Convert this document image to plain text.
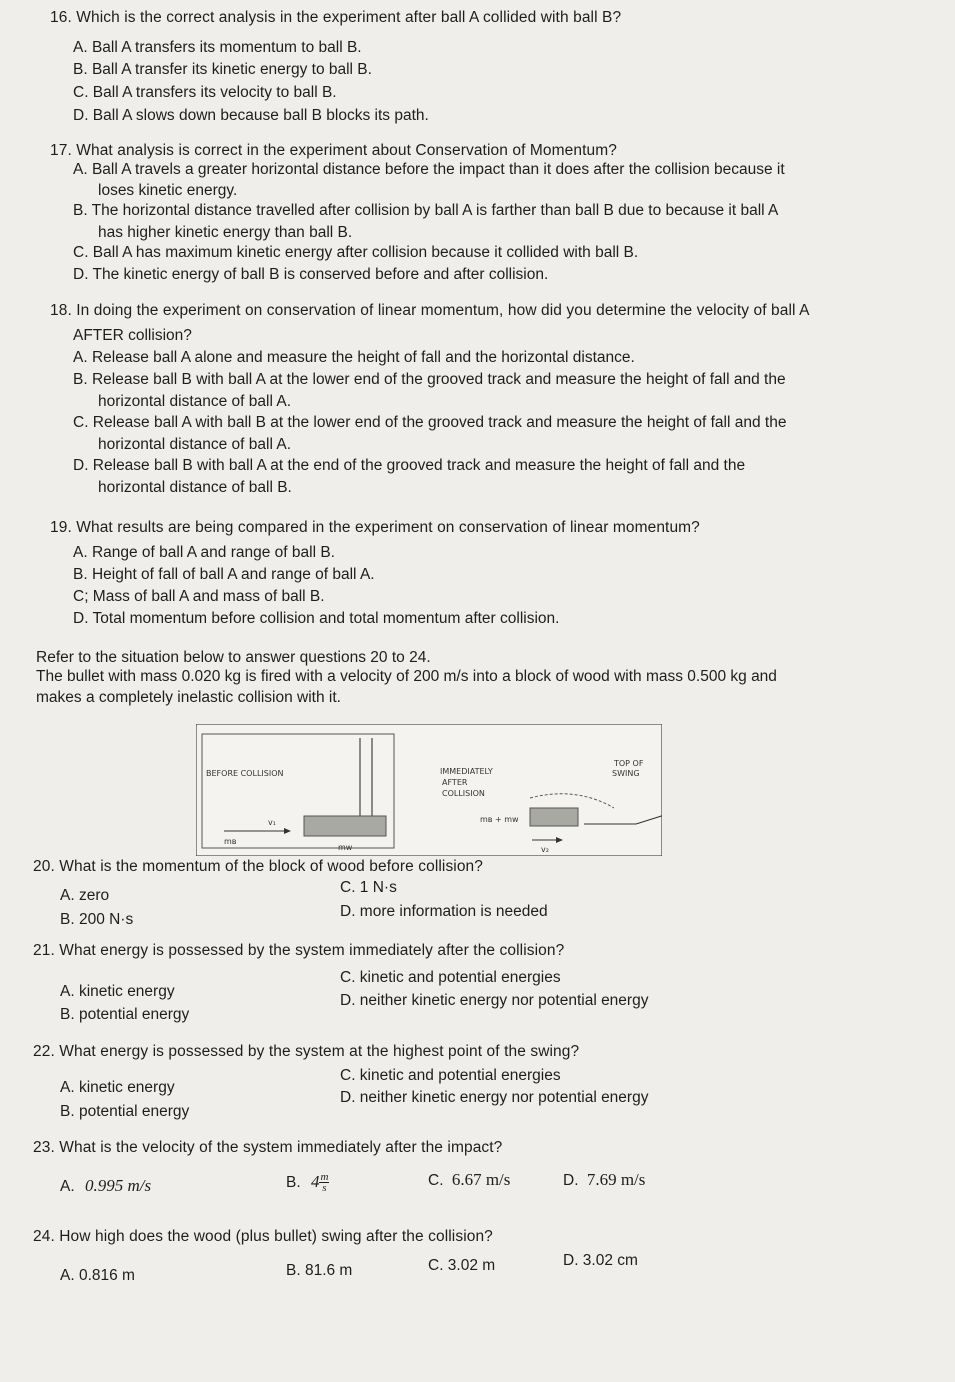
16. Which is the correct analysis in the experiment after ball A collided with ball B?
A. Ball A transfers its momentum to ball B.
B. Ball A transfer its kinetic energy to ball B.
C. Ball A transfers its velocity to ball B.
D. Ball A slows down because ball B blocks its path.
17. What analysis is correct in the experiment about Conservation of Momentum?
A. Ball A travels a greater horizontal distance before the impact than it does after the collision because it
loses kinetic energy.
B. The horizontal distance travelled after collision by ball A is farther than ball B due to because it ball A
has higher kinetic energy than ball B.
C. Ball A has maximum kinetic energy after collision because it collided with ball B.
D. The kinetic energy of ball B is conserved before and after collision.
18. In doing the experiment on conservation of linear momentum, how did you determine the velocity of ball A
AFTER collision?
A. Release ball A alone and measure the height of fall and the horizontal distance.
B. Release ball B with ball A at the lower end of the grooved track and measure the height of fall and the
horizontal distance of ball A.
C. Release ball A with ball B at the lower end of the grooved track and measure the height of fall and the
horizontal distance of ball A.
D. Release ball B with ball A at the end of the grooved track and measure the height of fall and the
horizontal distance of ball B.
19. What results are being compared in the experiment on conservation of linear momentum?
A. Range of ball A and range of ball B.
B. Height of fall of ball A and range of ball A.
C; Mass of ball A and mass of ball B.
D. Total momentum before collision and total momentum after collision.
Refer to the situation below to answer questions 20 to 24.
The bullet with mass 0.020 kg is fired with a velocity of 200 m/s into a block of wood with mass 0.500 kg and
makes a completely inelastic collision with it.
BEFORE COLLISION
v₁
mʙ
mᴡ
IMMEDIATELY
AFTER
COLLISION
TOP OF
SWING
mʙ + mᴡ
v₂
20. What is the momentum of the block of wood before collision?
A. zero	C. 1 N·s
B. 200 N·s	D. more information is needed
21. What energy is possessed by the system immediately after the collision?
A. kinetic energy
C. kinetic and potential energies
B. potential energy
D. neither kinetic energy nor potential energy
22. What energy is possessed by the system at the highest point of the swing?
A. kinetic energy
C. kinetic and potential energies
B. potential energy
D. neither kinetic energy nor potential energy
23. What is the velocity of the system immediately after the impact?
A. 0.995 m/s	B. $4 \frac{m}{s}$	C. 6.67 m/s	D. 7.69 m/s
24. How high does the wood (plus bullet) swing after the collision?
A. 0.816 m	B. 81.6 m	C. 3.02 m	D. 3.02 cm
